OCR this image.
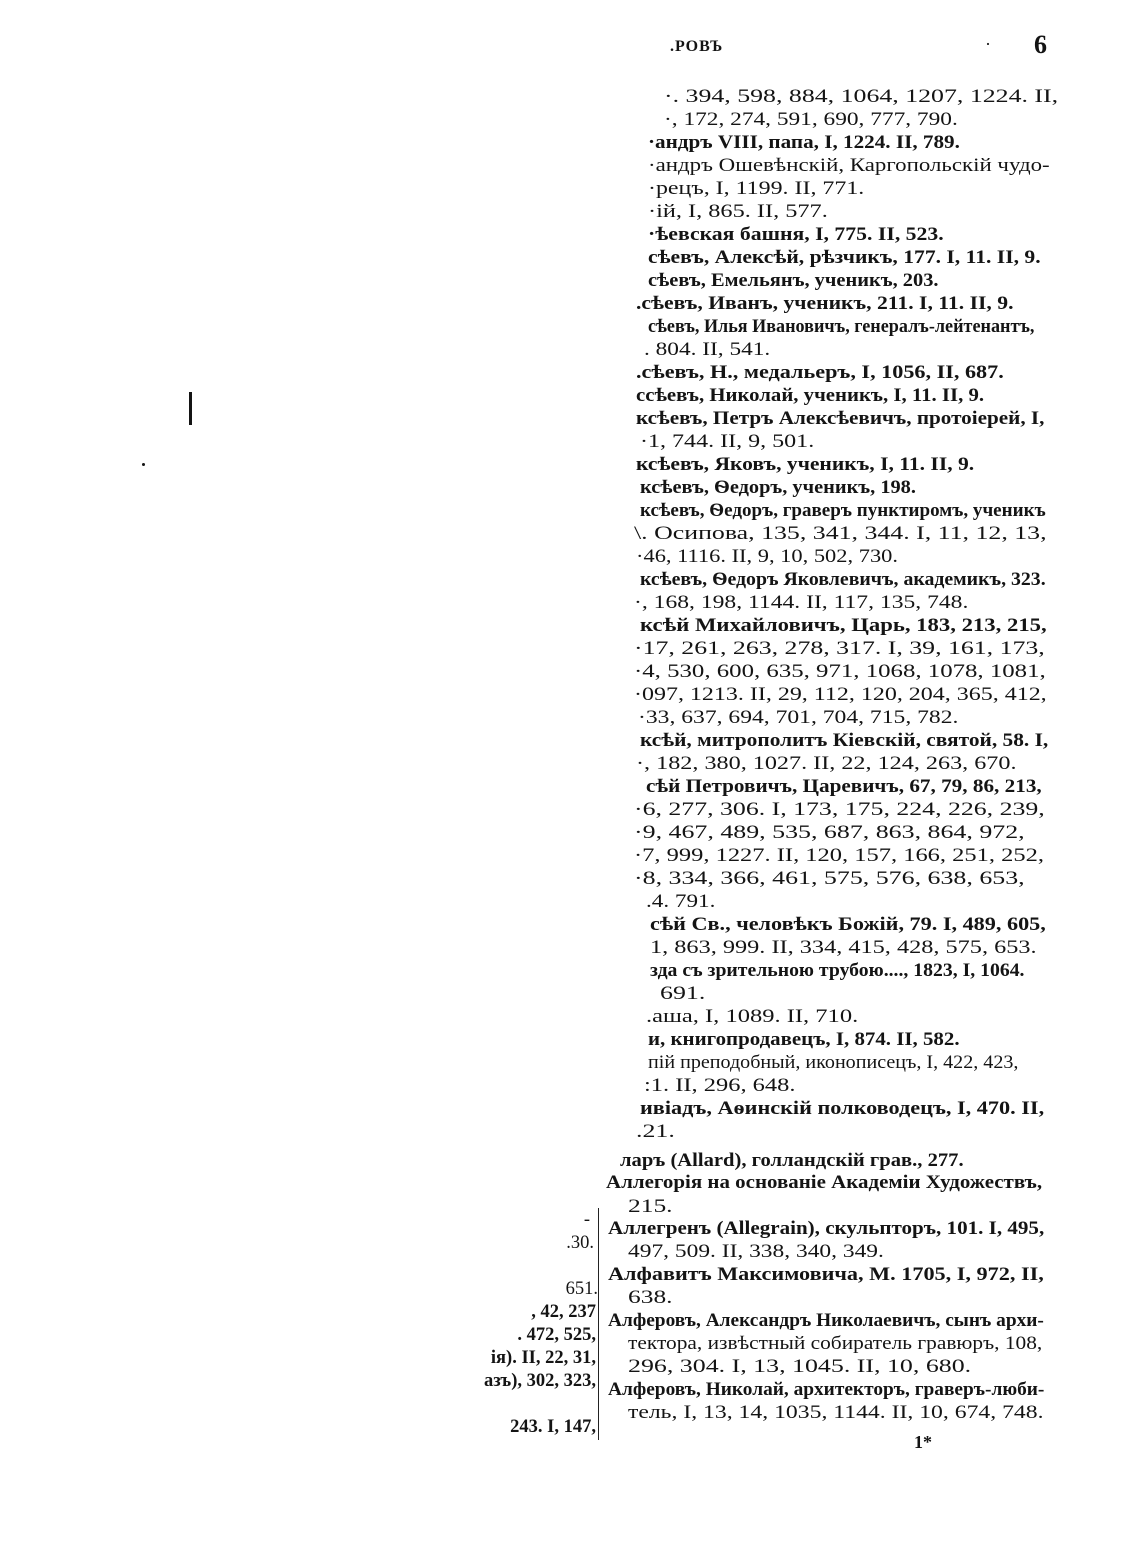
.РОВЪ	· 6
-
.30.
651.
, 42, 237
. 472, 525,
ія). II, 22, 31,
азъ), 302, 323,
243. I, 147,
·. 394, 598, 884, 1064, 1207, 1224. II,
·, 172, 274, 591, 690, 777, 790.
·андръ VIII, папа, I, 1224. II, 789.
·андръ Ошевѣнскій, Каргопольскій чудо-
·рецъ, I, 1199. II, 771.
·ій, I, 865. II, 577.
·ѣевская башня, I, 775. II, 523.
сѣевъ, Алексѣй, рѣзчикъ, 177. I, 11. II, 9.
сѣевъ, Емельянъ, ученикъ, 203.
.сѣевъ, Иванъ, ученикъ, 211. I, 11. II, 9.
сѣевъ, Илья Ивановичъ, генералъ-лейтенантъ,
. 804. II, 541.
.сѣевъ, Н., медальеръ, I, 1056, II, 687.
ссѣевъ, Николай, ученикъ, I, 11. II, 9.
ксѣевъ, Петръ Алексѣевичъ, протоіерей, I,
·1, 744. II, 9, 501.
ксѣевъ, Яковъ, ученикъ, I, 11. II, 9.
ксѣевъ, Ѳедоръ, ученикъ, 198.
ксѣевъ, Ѳедоръ, граверъ пунктиромъ, ученикъ
\. Осипова, 135, 341, 344. I, 11, 12, 13,
·46, 1116. II, 9, 10, 502, 730.
ксѣевъ, Ѳедоръ Яковлевичъ, академикъ, 323.
·, 168, 198, 1144. II, 117, 135, 748.
ксѣй Михайловичъ, Царь, 183, 213, 215,
·17, 261, 263, 278, 317. I, 39, 161, 173,
·4, 530, 600, 635, 971, 1068, 1078, 1081,
·097, 1213. II, 29, 112, 120, 204, 365, 412,
·33, 637, 694, 701, 704, 715, 782.
ксѣй, митрополитъ Кіевскій, святой, 58. I,
·, 182, 380, 1027. II, 22, 124, 263, 670.
сѣй Петровичъ, Царевичъ, 67, 79, 86, 213,
·6, 277, 306. I, 173, 175, 224, 226, 239,
·9, 467, 489, 535, 687, 863, 864, 972,
·7, 999, 1227. II, 120, 157, 166, 251, 252,
·8, 334, 366, 461, 575, 576, 638, 653,
.4. 791.
сѣй Св., человѣкъ Божій, 79. I, 489, 605,
1, 863, 999. II, 334, 415, 428, 575, 653.
зда съ зрительною трубою...., 1823, I, 1064.
691.
.аша, I, 1089. II, 710.
и, книгопродавецъ, I, 874. II, 582.
пій преподобный, иконописецъ, I, 422, 423,
:1. II, 296, 648.
ивіадъ, Аѳинскій полководецъ, I, 470. II,
.21.
ларъ (Allard), голландскій грав., 277.
Аллегорія на основаніе Академіи Художествъ,
215.
Аллегренъ (Allegrain), скульпторъ, 101. I, 495,
497, 509. II, 338, 340, 349.
Алфавитъ Максимовича, М. 1705, I, 972, II,
638.
Алферовъ, Александръ Николаевичъ, сынъ архи-
тектора, извѣстный собиратель гравюръ, 108,
296, 304. I, 13, 1045. II, 10, 680.
Алферовъ, Николай, архитекторъ, граверъ-люби-
тель, I, 13, 14, 1035, 1144. II, 10, 674, 748.
1*
